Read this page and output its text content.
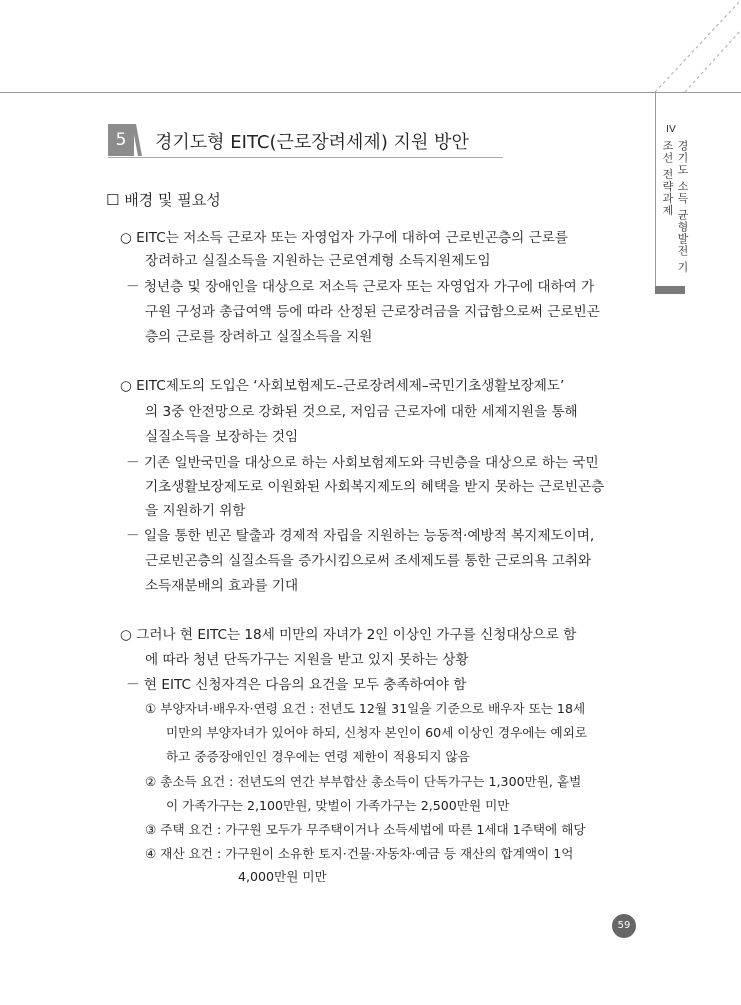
IV
경기도 소득 균형발전 기조선 전략과제
5	경기도형 EITC(근로장려세제) 지원 방안
☐ 배경 및 필요성
○ EITC는 저소득 근로자 또는 자영업자 가구에 대하여 근로빈곤층의 근로를
장려하고 실질소득을 지원하는 근로연계형 소득지원제도임
－ 청년층 및 장애인을 대상으로 저소득 근로자 또는 자영업자 가구에 대하여 가
구원 구성과 총급여액 등에 따라 산정된 근로장려금을 지급함으로써 근로빈곤
층의 근로를 장려하고 실질소득을 지원
○ EITC제도의 도입은 ‘사회보험제도–근로장려세제–국민기초생활보장제도’
의 3중 안전망으로 강화된 것으로, 저임금 근로자에 대한 세제지원을 통해
실질소득을 보장하는 것임
－ 기존 일반국민을 대상으로 하는 사회보험제도와 극빈층을 대상으로 하는 국민
기초생활보장제도로 이원화된 사회복지제도의 혜택을 받지 못하는 근로빈곤층
을 지원하기 위함
－ 일을 통한 빈곤 탈출과 경제적 자립을 지원하는 능동적·예방적 복지제도이며,
근로빈곤층의 실질소득을 증가시킴으로써 조세제도를 통한 근로의욕 고취와
소득재분배의 효과를 기대
○ 그러나 현 EITC는 18세 미만의 자녀가 2인 이상인 가구를 신청대상으로 함
에 따라 청년 단독가구는 지원을 받고 있지 못하는 상황
－ 현 EITC 신청자격은 다음의 요건을 모두 충족하여야 함
① 부양자녀·배우자·연령 요건 : 전년도 12월 31일을 기준으로 배우자 또는 18세
미만의 부양자녀가 있어야 하되, 신청자 본인이 60세 이상인 경우에는 예외로
하고 중증장애인인 경우에는 연령 제한이 적용되지 않음
② 총소득 요건 : 전년도의 연간 부부합산 총소득이 단독가구는 1,300만원, 홑벌
이 가족가구는 2,100만원, 맞벌이 가족가구는 2,500만원 미만
③ 주택 요건 : 가구원 모두가 무주택이거나 소득세법에 따른 1세대 1주택에 해당
④ 재산 요건 : 가구원이 소유한 토지·건물·자동차·예금 등 재산의 합계액이 1억
4,000만원 미만
59
